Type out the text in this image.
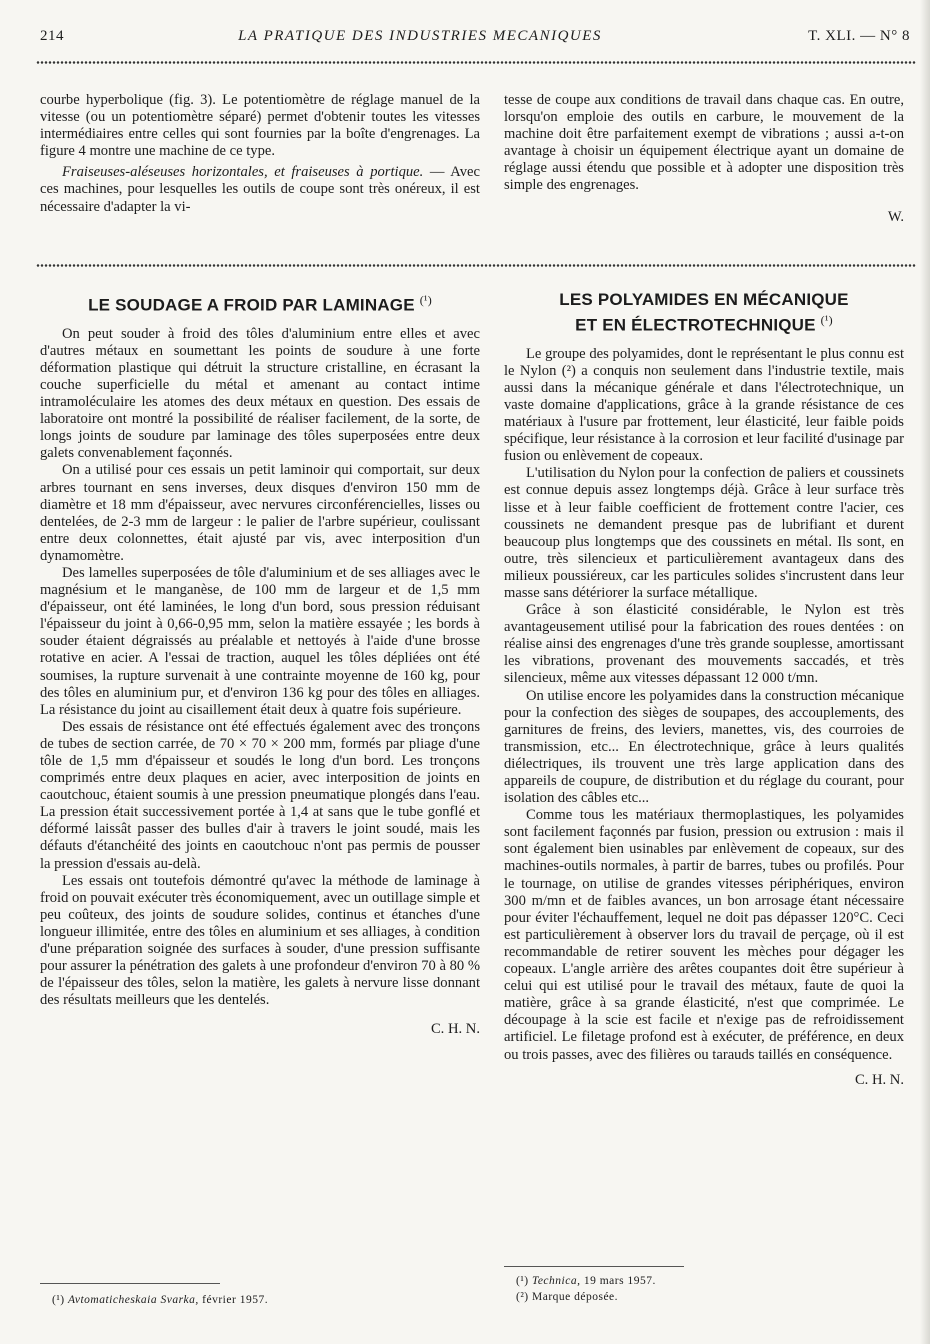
214	LA PRATIQUE DES INDUSTRIES MECANIQUES	T. XLI. — N° 8

courbe hyperbolique (fig. 3). Le potentiomètre de réglage manuel de la vitesse (ou un potentiomètre séparé) permet d'obtenir toutes les vitesses intermédiaires entre celles qui sont fournies par la boîte d'engrenages. La figure 4 montre une machine de ce type.

Fraiseuses-aléseuses horizontales, et fraiseuses à portique. — Avec ces machines, pour lesquelles les outils de coupe sont très onéreux, il est nécessaire d'adapter la vi-

tesse de coupe aux conditions de travail dans chaque cas. En outre, lorsqu'on emploie des outils en carbure, le mouvement de la machine doit être parfaitement exempt de vibrations ; aussi a-t-on avantage à choisir un équipement électrique ayant un domaine de réglage aussi étendu que possible et à adopter une disposition très simple des engrenages.

W.
LE SOUDAGE A FROID PAR LAMINAGE $^{(^1)}$

On peut souder à froid des tôles d'aluminium entre elles et avec d'autres métaux en soumettant les points de soudure à une forte déformation plastique qui détruit la structure cristalline, en écrasant la couche superficielle du métal et amenant au contact intime intramoléculaire les atomes des deux métaux en question. Des essais de laboratoire ont montré la possibilité de réaliser facilement, de la sorte, de longs joints de soudure par laminage des tôles superposées entre deux galets convenablement façonnés.

On a utilisé pour ces essais un petit laminoir qui comportait, sur deux arbres tournant en sens inverses, deux disques d'environ 150 mm de diamètre et 18 mm d'épaisseur, avec nervures circonférencielles, lisses ou dentelées, de 2-3 mm de largeur : le palier de l'arbre supérieur, coulissant entre deux colonnettes, était ajusté par vis, avec interposition d'un dynamomètre.

Des lamelles superposées de tôle d'aluminium et de ses alliages avec le magnésium et le manganèse, de 100 mm de largeur et de 1,5 mm d'épaisseur, ont été laminées, le long d'un bord, sous pression réduisant l'épaisseur du joint à 0,66-0,95 mm, selon la matière essayée ; les bords à souder étaient dégraissés au préalable et nettoyés à l'aide d'une brosse rotative en acier. A l'essai de traction, auquel les tôles dépliées ont été soumises, la rupture survenait à une contrainte moyenne de 160 kg, pour des tôles en aluminium pur, et d'environ 136 kg pour des tôles en alliages. La résistance du joint au cisaillement était deux à quatre fois supérieure.

Des essais de résistance ont été effectués également avec des tronçons de tubes de section carrée, de 70 × 70 × 200 mm, formés par pliage d'une tôle de 1,5 mm d'épaisseur et soudés le long d'un bord. Les tronçons comprimés entre deux plaques en acier, avec interposition de joints en caoutchouc, étaient soumis à une pression pneumatique plongés dans l'eau. La pression était successivement portée à 1,4 at sans que le tube gonflé et déformé laissât passer des bulles d'air à travers le joint soudé, mais les défauts d'étanchéité des joints en caoutchouc n'ont pas permis de pousser la pression d'essais au-delà.

Les essais ont toutefois démontré qu'avec la méthode de laminage à froid on pouvait exécuter très économiquement, avec un outillage simple et peu coûteux, des joints de soudure solides, continus et étanches d'une longueur illimitée, entre des tôles en aluminium et ses alliages, à condition d'une préparation soignée des surfaces à souder, d'une pression suffisante pour assurer la pénétration des galets à une profondeur d'environ 70 à 80 % de l'épaisseur des tôles, selon la matière, les galets à nervure lisse donnant des résultats meilleurs que les dentelés.

C. H. N.
(¹) Avtomaticheskaia Svarka, février 1957.
LES POLYAMIDES EN MÉCANIQUE
ET EN ÉLECTROTECHNIQUE $^{(^1)}$

Le groupe des polyamides, dont le représentant le plus connu est le Nylon (²) a conquis non seulement dans l'industrie textile, mais aussi dans la mécanique générale et dans l'électrotechnique, un vaste domaine d'applications, grâce à la grande résistance de ces matériaux à l'usure par frottement, leur élasticité, leur faible poids spécifique, leur résistance à la corrosion et leur facilité d'usinage par fusion ou enlèvement de copeaux.

L'utilisation du Nylon pour la confection de paliers et coussinets est connue depuis assez longtemps déjà. Grâce à leur surface très lisse et à leur faible coefficient de frottement contre l'acier, ces coussinets ne demandent presque pas de lubrifiant et durent beaucoup plus longtemps que des coussinets en métal. Ils sont, en outre, très silencieux et particulièrement avantageux dans des milieux poussiéreux, car les particules solides s'incrustent dans leur masse sans détériorer la surface métallique.

Grâce à son élasticité considérable, le Nylon est très avantageusement utilisé pour la fabrication des roues dentées : on réalise ainsi des engrenages d'une très grande souplesse, amortissant les vibrations, provenant des mouvements saccadés, et très silencieux, même aux vitesses dépassant 12 000 t/mn.

On utilise encore les polyamides dans la construction mécanique pour la confection des sièges de soupapes, des accouplements, des garnitures de freins, des leviers, manettes, vis, des courroies de transmission, etc... En électrotechnique, grâce à leurs qualités diélectriques, ils trouvent une très large application dans des appareils de coupure, de distribution et du réglage du courant, pour isolation des câbles etc...

Comme tous les matériaux thermoplastiques, les polyamides sont facilement façonnés par fusion, pression ou extrusion : mais il sont également bien usinables par enlèvement de copeaux, sur des machines-outils normales, à partir de barres, tubes ou profilés. Pour le tournage, on utilise de grandes vitesses périphériques, environ 300 m/mn et de faibles avances, un bon arrosage étant nécessaire pour éviter l'échauffement, lequel ne doit pas dépasser 120°C. Ceci est particulièrement à observer lors du travail de perçage, où il est recommandable de retirer souvent les mèches pour dégager les copeaux. L'angle arrière des arêtes coupantes doit être supérieur à celui qui est utilisé pour le travail des métaux, faute de quoi la matière, grâce à sa grande élasticité, n'est que comprimée. Le découpage à la scie est facile et n'exige pas de refroidissement artificiel. Le filetage profond est à exécuter, de préférence, en deux ou trois passes, avec des filières ou tarauds taillés en conséquence.

C. H. N.
(¹) Technica, 19 mars 1957.
(²) Marque déposée.
